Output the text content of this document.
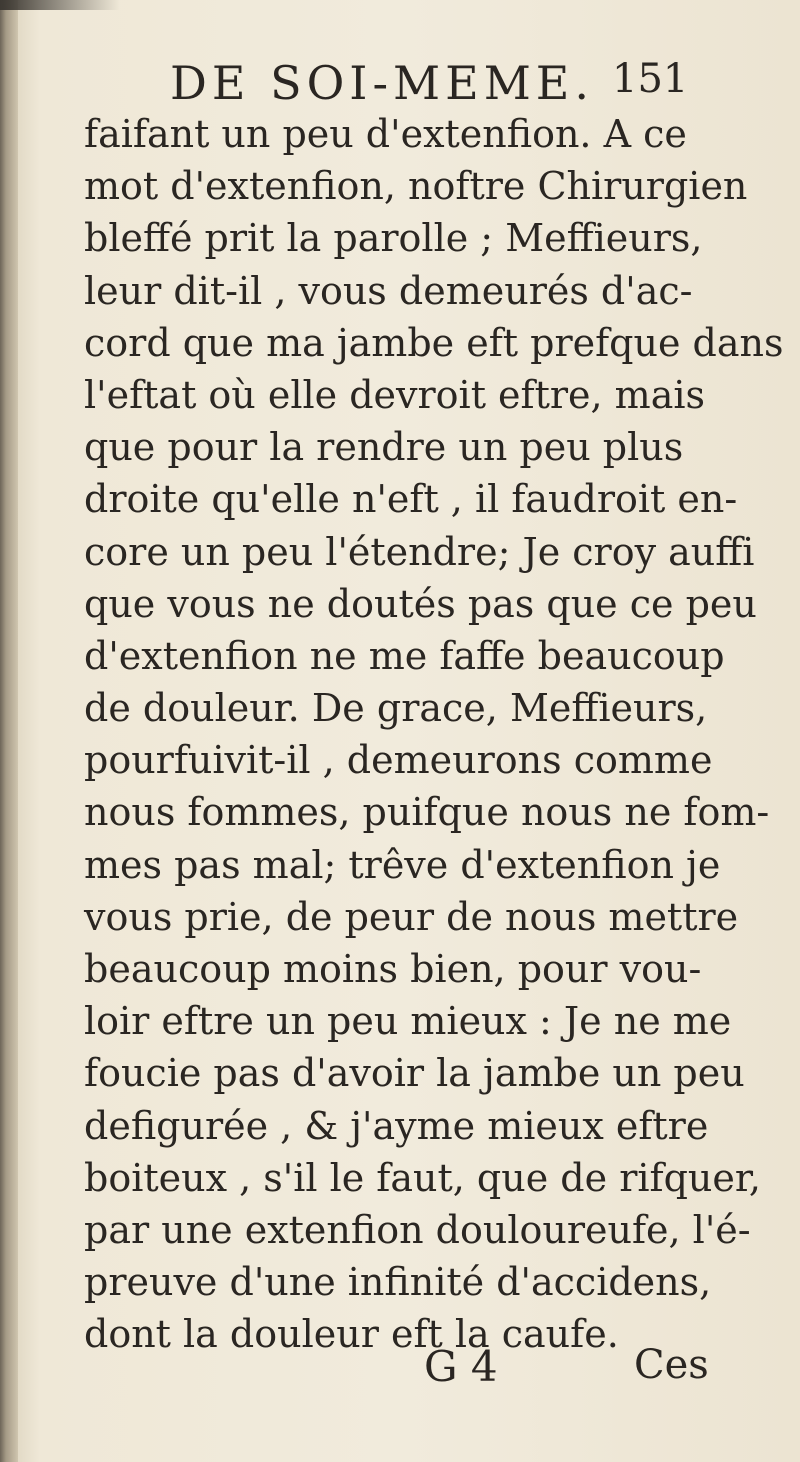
DE SOI-MEME. 151
faifant un peu d'extenfion. A ce
mot d'extenfion, noftre Chirurgien
bleffé prit la parolle ; Meffieurs,
leur dit-il , vous demeurés d'ac-
cord que ma jambe eft prefque dans
l'eftat où elle devroit eftre, mais
que pour la rendre un peu plus
droite qu'elle n'eft , il faudroit en-
core un peu l'étendre; Je croy auffi
que vous ne doutés pas que ce peu
d'extenfion ne me faffe beaucoup
de douleur. De grace, Meffieurs,
pourfuivit-il , demeurons comme
nous fommes, puifque nous ne fom-
mes pas mal; trêve d'extenfion je
vous prie, de peur de nous mettre
beaucoup moins bien, pour vou-
loir eftre un peu mieux : Je ne me
foucie pas d'avoir la jambe un peu
defigurée , & j'ayme mieux eftre
boiteux , s'il le faut, que de rifquer,
par une extenfion douloureufe, l'é-
preuve d'une infinité d'accidens,
dont la douleur eft la caufe.
G 4	Ces
